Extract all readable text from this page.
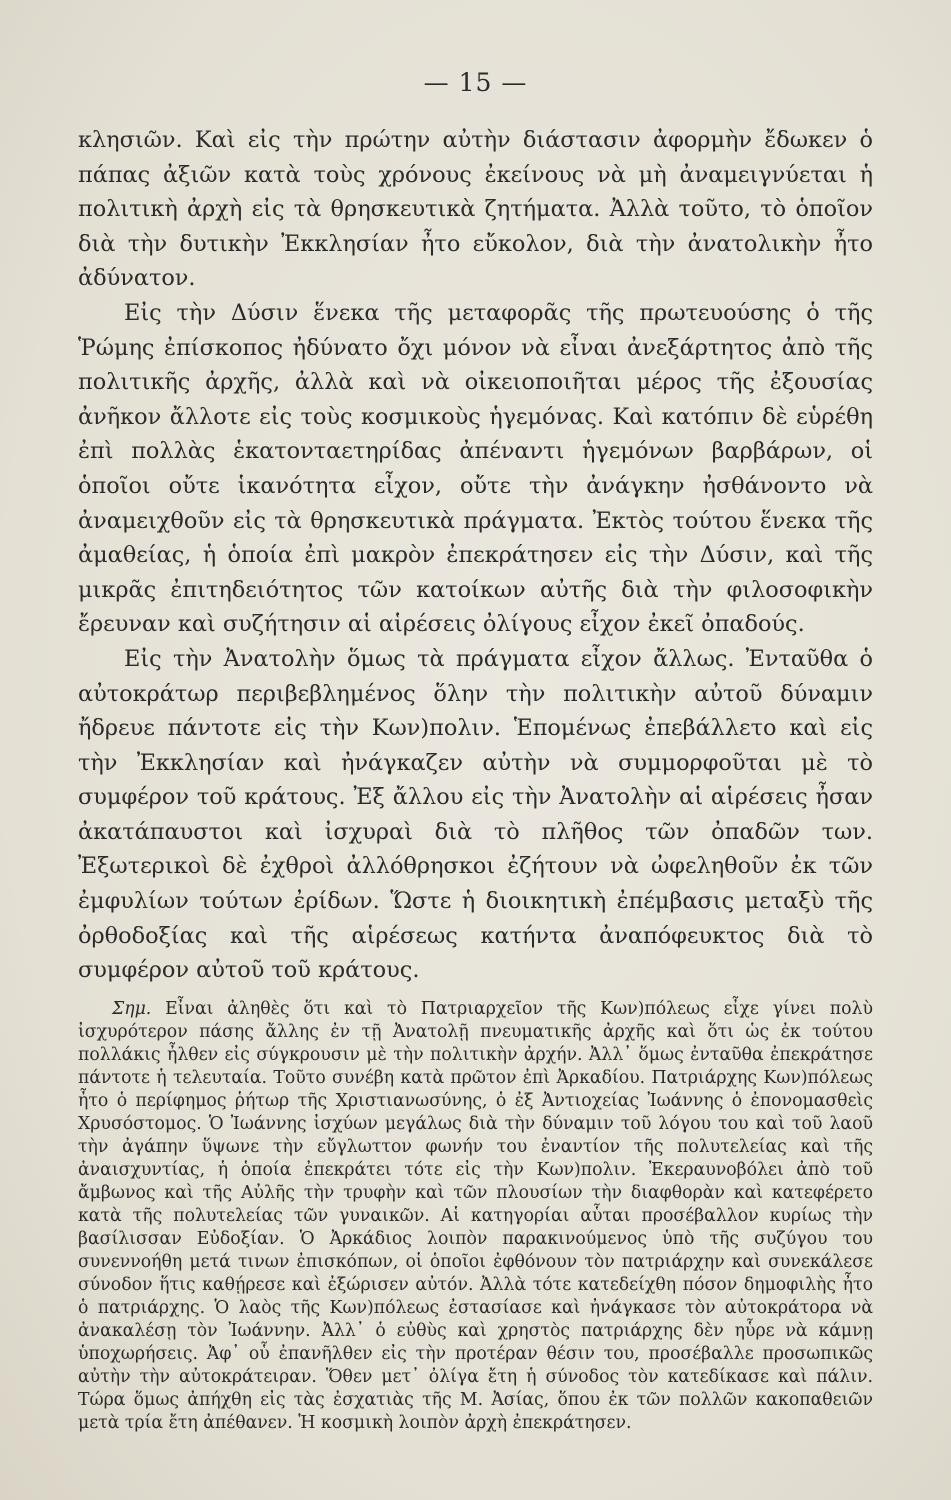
— 15 —

κλησιῶν. Καὶ εἰς τὴν πρώτην αὐτὴν διάστασιν ἀφορμὴν ἔδωκεν ὁ πάπας ἀξιῶν κατὰ τοὺς χρόνους ἐκείνους νὰ μὴ ἀναμειγνύεται ἡ πολιτικὴ ἀρχὴ εἰς τὰ θρησκευτικὰ ζητήματα. Ἀλλὰ τοῦτο, τὸ ὁποῖον διὰ τὴν δυτικὴν Ἐκκλησίαν ἦτο εὔκολον, διὰ τὴν ἀνατολικὴν ἦτο ἀδύνατον.

Εἰς τὴν Δύσιν ἕνεκα τῆς μεταφορᾶς τῆς πρωτευούσης ὁ τῆς Ῥώμης ἐπίσκοπος ἠδύνατο ὄχι μόνον νὰ εἶναι ἀνεξάρτητος ἀπὸ τῆς πολιτικῆς ἀρχῆς, ἀλλὰ καὶ νὰ οἰκειοποιῆται μέρος τῆς ἐξουσίας ἀνῆκον ἄλλοτε εἰς τοὺς κοσμικοὺς ἡγεμόνας. Καὶ κατόπιν δὲ εὑρέθη ἐπὶ πολλὰς ἑκατονταετηρίδας ἀπέναντι ἡγεμόνων βαρβάρων, οἱ ὁποῖοι οὔτε ἱκανότητα εἶχον, οὔτε τὴν ἀνάγκην ἠσθάνοντο νὰ ἀναμειχθοῦν εἰς τὰ θρησκευτικὰ πράγματα. Ἐκτὸς τούτου ἕνεκα τῆς ἀμαθείας, ἡ ὁποία ἐπὶ μακρὸν ἐπεκράτησεν εἰς τὴν Δύσιν, καὶ τῆς μικρᾶς ἐπιτηδειότητος τῶν κατοίκων αὐτῆς διὰ τὴν φιλοσοφικὴν ἔρευναν καὶ συζήτησιν αἱ αἱρέσεις ὀλίγους εἶχον ἐκεῖ ὀπαδούς.

Εἰς τὴν Ἀνατολὴν ὅμως τὰ πράγματα εἶχον ἄλλως. Ἐνταῦθα ὁ αὐτοκράτωρ περιβεβλημένος ὅλην τὴν πολιτικὴν αὐτοῦ δύναμιν ἤδρευε πάντοτε εἰς τὴν Κων)πολιν. Ἑπομένως ἐπεβάλλετο καὶ εἰς τὴν Ἐκκλησίαν καὶ ἠνάγκαζεν αὐτὴν νὰ συμμορφοῦται μὲ τὸ συμφέρον τοῦ κράτους. Ἐξ ἄλλου εἰς τὴν Ἀνατολὴν αἱ αἱρέσεις ἦσαν ἀκατάπαυστοι καὶ ἰσχυραὶ διὰ τὸ πλῆθος τῶν ὀπαδῶν των. Ἐξωτερικοὶ δὲ ἐχθροὶ ἀλλόθρησκοι ἐζήτουν νὰ ὠφεληθοῦν ἐκ τῶν ἐμφυλίων τούτων ἐρίδων. Ὥστε ἡ διοικητικὴ ἐπέμβασις μεταξὺ τῆς ὀρθοδοξίας καὶ τῆς αἱρέσεως κατήντα ἀναπόφευκτος διὰ τὸ συμφέρον αὐτοῦ τοῦ κράτους.

Σημ. Εἶναι ἀληθὲς ὅτι καὶ τὸ Πατριαρχεῖον τῆς Κων)πόλεως εἶχε γίνει πολὺ ἰσχυρότερον πάσης ἄλλης ἐν τῇ Ἀνατολῇ πνευματικῆς ἀρχῆς καὶ ὅτι ὡς ἐκ τούτου πολλάκις ἦλθεν εἰς σύγκρουσιν μὲ τὴν πολιτικὴν ἀρχήν. Ἀλλ᾽ ὅμως ἐνταῦθα ἐπεκράτησε πάντοτε ἡ τελευταία. Τοῦτο συνέβη κατὰ πρῶτον ἐπὶ Ἀρκαδίου. Πατριάρχης Κων)πόλεως ἦτο ὁ περίφημος ῥήτωρ τῆς Χριστιανωσύνης, ὁ ἐξ Ἀντιοχείας Ἰωάννης ὁ ἐπονομασθεὶς Χρυσόστομος. Ὁ Ἰωάννης ἰσχύων μεγάλως διὰ τὴν δύναμιν τοῦ λόγου του καὶ τοῦ λαοῦ τὴν ἀγάπην ὕψωνε τὴν εὔγλωττον φωνήν του ἐναντίον τῆς πολυτελείας καὶ τῆς ἀναισχυντίας, ἡ ὁποία ἐπεκράτει τότε εἰς τὴν Κων)πολιν. Ἐκεραυνοβόλει ἀπὸ τοῦ ἄμβωνος καὶ τῆς Αὐλῆς τὴν τρυφὴν καὶ τῶν πλουσίων τὴν διαφθορὰν καὶ κατεφέρετο κατὰ τῆς πολυτελείας τῶν γυναικῶν. Αἱ κατηγορίαι αὗται προσέβαλλον κυρίως τὴν βασίλισσαν Εὐδοξίαν. Ὁ Ἀρκάδιος λοιπὸν παρακινούμενος ὑπὸ τῆς συζύγου του συνεννοήθη μετά τινων ἐπισκόπων, οἱ ὁποῖοι ἐφθόνουν τὸν πατριάρχην καὶ συνεκάλεσε σύνοδον ἥτις καθῄρεσε καὶ ἐξώρισεν αὐτόν. Ἀλλὰ τότε κατεδείχθη πόσον δημοφιλὴς ἦτο ὁ πατριάρχης. Ὁ λαὸς τῆς Κων)πόλεως ἐστασίασε καὶ ἠνάγκασε τὸν αὐτοκράτορα νὰ ἀνακαλέσῃ τὸν Ἰωάννην. Ἀλλ᾽ ὁ εὐθὺς καὶ χρηστὸς πατριάρχης δὲν ηὗρε νὰ κάμνῃ ὑποχωρήσεις. Ἀφ᾽ οὗ ἐπανῆλθεν εἰς τὴν προτέραν θέσιν του, προσέβαλλε προσωπικῶς αὐτὴν τὴν αὐτοκράτειραν. Ὅθεν μετ᾽ ὀλίγα ἔτη ἡ σύνοδος τὸν κατεδίκασε καὶ πάλιν. Τώρα ὅμως ἀπήχθη εἰς τὰς ἐσχατιὰς τῆς Μ. Ἀσίας, ὅπου ἐκ τῶν πολλῶν κακοπαθειῶν μετὰ τρία ἔτη ἀπέθανεν. Ἡ κοσμικὴ λοιπὸν ἀρχὴ ἐπεκράτησεν.
